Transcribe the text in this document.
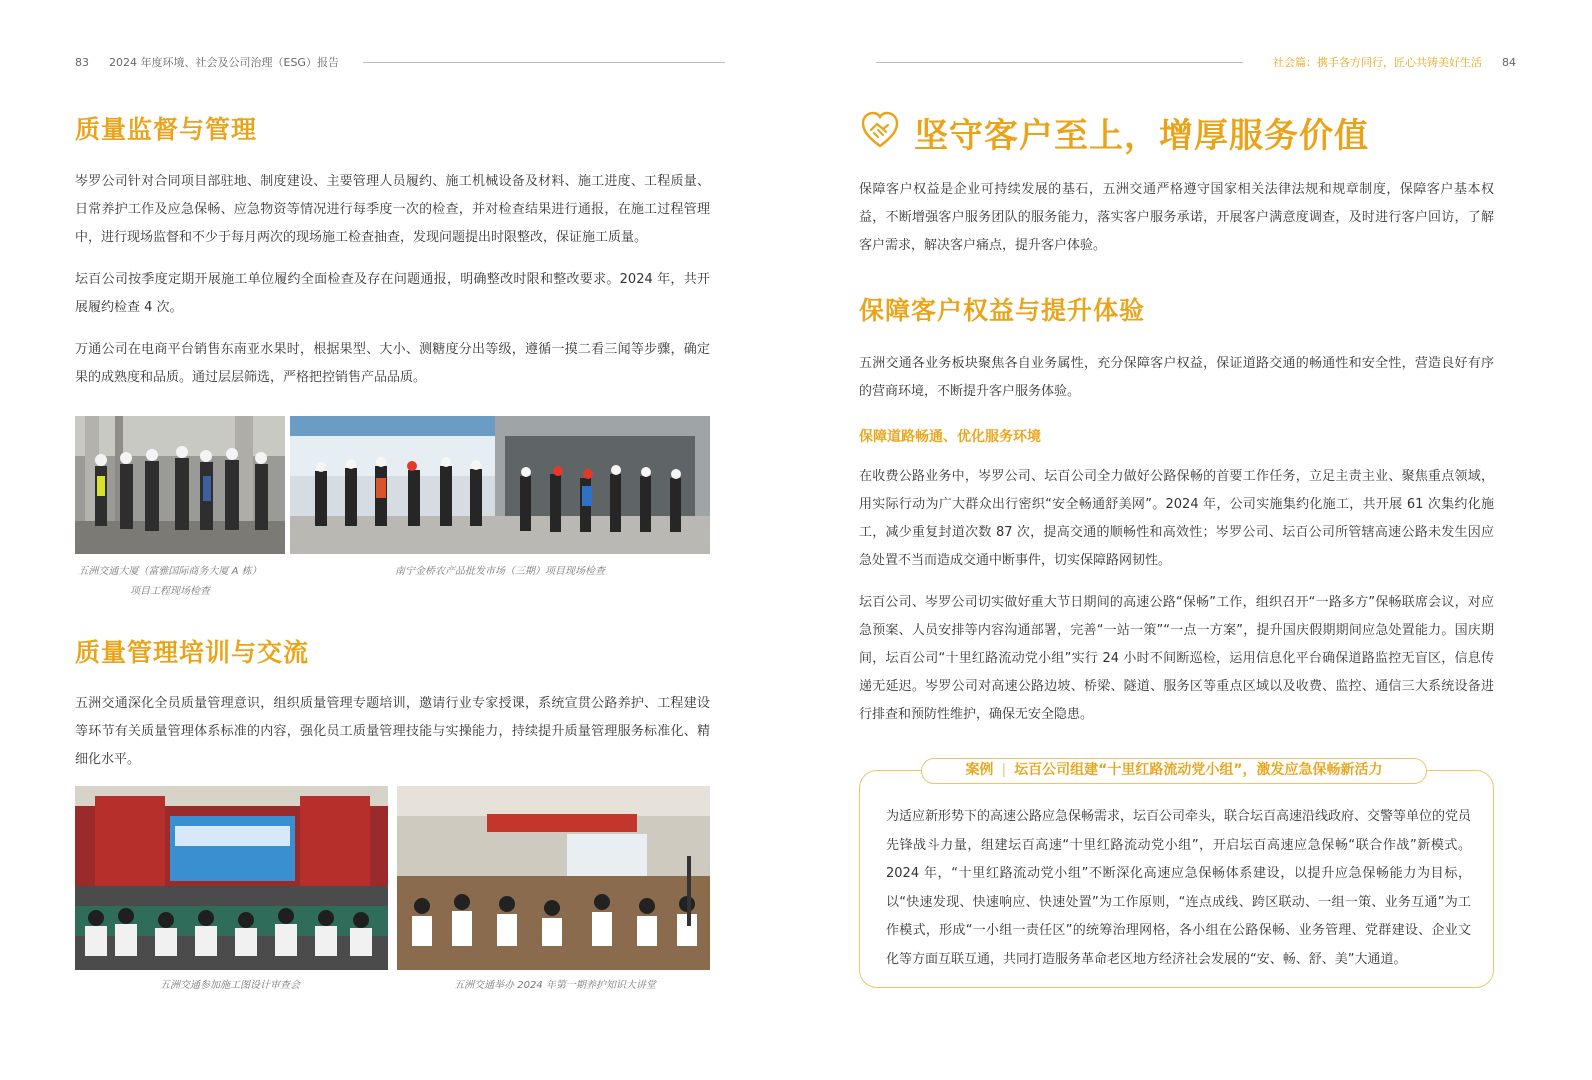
83 2024 年度环境、社会及公司治理（ESG）报告
质量监督与管理

岑罗公司针对合同项目部驻地、制度建设、主要管理人员履约、施工机械设备及材料、施工进度、工程质量、日常养护工作及应急保畅、应急物资等情况进行每季度一次的检查，并对检查结果进行通报，在施工过程管理中，进行现场监督和不少于每月两次的现场施工检查抽查，发现问题提出时限整改，保证施工质量。

坛百公司按季度定期开展施工单位履约全面检查及存在问题通报，明确整改时限和整改要求。2024 年，共开展履约检查 4 次。

万通公司在电商平台销售东南亚水果时，根据果型、大小、测糖度分出等级，遵循一摸二看三闻等步骤，确定果的成熟度和品质。通过层层筛选，严格把控销售产品品质。

五洲交通大厦（富雅国际商务大厦 A 栋）
项目工程现场检查
南宁金桥农产品批发市场（三期）项目现场检查
质量管理培训与交流

五洲交通深化全员质量管理意识，组织质量管理专题培训，邀请行业专家授课，系统宣贯公路养护、工程建设等环节有关质量管理体系标准的内容，强化员工质量管理技能与实操能力，持续提升质量管理服务标准化、精细化水平。

五洲交通参加施工图设计审查会	五洲交通举办 2024 年第一期养护知识大讲堂
社会篇：携手各方同行，匠心共铸美好生活 84
坚守客户至上，增厚服务价值

保障客户权益是企业可持续发展的基石，五洲交通严格遵守国家相关法律法规和规章制度，保障客户基本权益，不断增强客户服务团队的服务能力，落实客户服务承诺，开展客户满意度调查，及时进行客户回访，了解客户需求，解决客户痛点，提升客户体验。

保障客户权益与提升体验

五洲交通各业务板块聚焦各自业务属性，充分保障客户权益，保证道路交通的畅通性和安全性，营造良好有序的营商环境，不断提升客户服务体验。

保障道路畅通、优化服务环境

在收费公路业务中，岑罗公司、坛百公司全力做好公路保畅的首要工作任务，立足主责主业、聚焦重点领域，用实际行动为广大群众出行密织“安全畅通舒美网”。2024 年，公司实施集约化施工，共开展 61 次集约化施工，减少重复封道次数 87 次，提高交通的顺畅性和高效性；岑罗公司、坛百公司所管辖高速公路未发生因应急处置不当而造成交通中断事件，切实保障路网韧性。

坛百公司、岑罗公司切实做好重大节日期间的高速公路“保畅”工作，组织召开“一路多方”保畅联席会议，对应急预案、人员安排等内容沟通部署，完善“一站一策”“一点一方案”，提升国庆假期期间应急处置能力。国庆期间，坛百公司“十里红路流动党小组”实行 24 小时不间断巡检，运用信息化平台确保道路监控无盲区，信息传递无延迟。岑罗公司对高速公路边坡、桥梁、隧道、服务区等重点区域以及收费、监控、通信三大系统设备进行排查和预防性维护，确保无安全隐患。

案例 | 坛百公司组建“十里红路流动党小组”，激发应急保畅新活力

为适应新形势下的高速公路应急保畅需求，坛百公司牵头，联合坛百高速沿线政府、交警等单位的党员先锋战斗力量，组建坛百高速“十里红路流动党小组”，开启坛百高速应急保畅“联合作战”新模式。2024 年，“十里红路流动党小组”不断深化高速应急保畅体系建设，以提升应急保畅能力为目标，以“快速发现、快速响应、快速处置”为工作原则，“连点成线、跨区联动、一组一策、业务互通”为工作模式，形成“一小组一责任区”的统筹治理网格，各小组在公路保畅、业务管理、党群建设、企业文化等方面互联互通，共同打造服务革命老区地方经济社会发展的“安、畅、舒、美”大通道。
